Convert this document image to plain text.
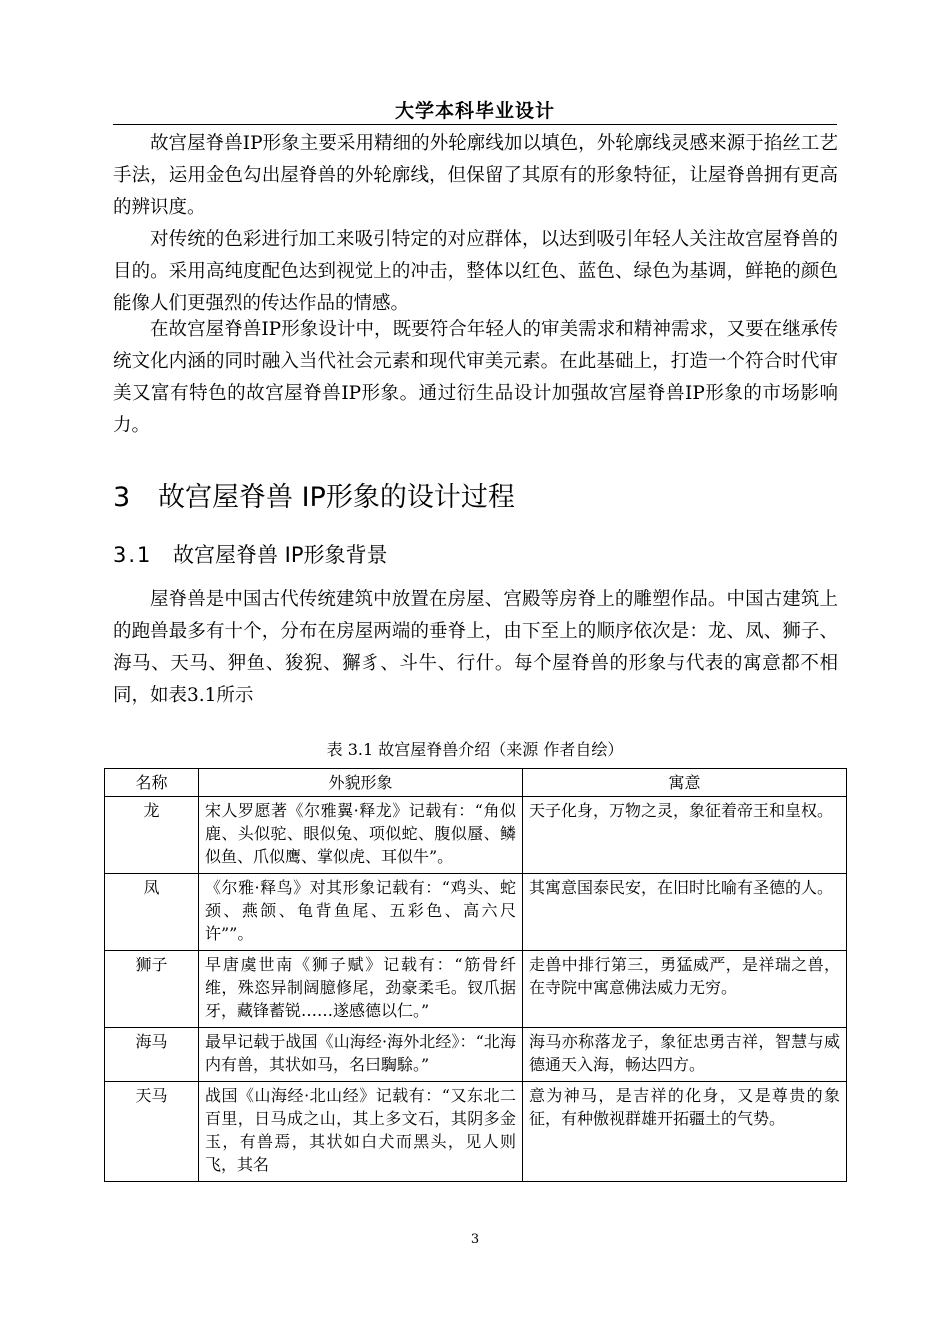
大学本科毕业设计

故宫屋脊兽IP形象主要采用精细的外轮廓线加以填色，外轮廓线灵感来源于掐丝工艺手法，运用金色勾出屋脊兽的外轮廓线，但保留了其原有的形象特征，让屋脊兽拥有更高的辨识度。

对传统的色彩进行加工来吸引特定的对应群体，以达到吸引年轻人关注故宫屋脊兽的目的。采用高纯度配色达到视觉上的冲击，整体以红色、蓝色、绿色为基调，鲜艳的颜色能像人们更强烈的传达作品的情感。

在故宫屋脊兽IP形象设计中，既要符合年轻人的审美需求和精神需求，又要在继承传统文化内涵的同时融入当代社会元素和现代审美元素。在此基础上，打造一个符合时代审美又富有特色的故宫屋脊兽IP形象。通过衍生品设计加强故宫屋脊兽IP形象的市场影响力。

3 故宫屋脊兽 IP形象的设计过程
3.1 故宫屋脊兽 IP形象背景

屋脊兽是中国古代传统建筑中放置在房屋、宫殿等房脊上的雕塑作品。中国古建筑上的跑兽最多有十个，分布在房屋两端的垂脊上，由下至上的顺序依次是：龙、凤、狮子、海马、天马、狎鱼、狻猊、獬豸、斗牛、行什。每个屋脊兽的形象与代表的寓意都不相同，如表3.1所示

表 3.1 故宫屋脊兽介绍（来源 作者自绘）
名称	外貌形象	寓意
龙	宋人罗愿著《尔雅翼·释龙》记载有：“角似鹿、头似驼、眼似兔、项似蛇、腹似蜃、鳞似鱼、爪似鹰、掌似虎、耳似牛”。	天子化身，万物之灵，象征着帝王和皇权。
凤	《尔雅·释鸟》对其形象记载有：“鸡头、蛇颈、燕颌、龟背鱼尾、五彩色、高六尺许””。	其寓意国泰民安，在旧时比喻有圣德的人。
狮子	早唐虞世南《狮子赋》记载有：“筋骨纤维，殊恣异制阔臆修尾，劲豪柔毛。钗爪据牙，藏锋蓄锐……遂感德以仁。”	走兽中排行第三，勇猛威严，是祥瑞之兽，在寺院中寓意佛法威力无穷。
海马	最早记载于战国《山海经·海外北经》：“北海内有兽，其状如马，名曰騊駼。”	海马亦称落龙子，象征忠勇吉祥，智慧与威德通天入海，畅达四方。
天马	战国《山海经·北山经》记载有：“又东北二百里，日马成之山，其上多文石，其阴多金玉，有兽焉，其状如白犬而黑头，见人则飞，其名	意为神马，是吉祥的化身，又是尊贵的象征，有种傲视群雄开拓疆土的气势。
3
